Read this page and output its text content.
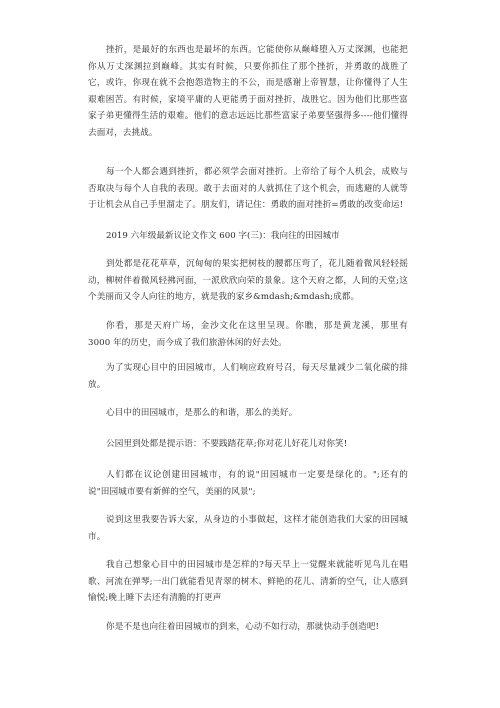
挫折，是最好的东西也是最坏的东西。它能使你从巅峰堕入万丈深渊，也能把你从万丈深渊拉到巅峰。其实有时候，只要你抓住了那个挫折，并勇敢的战胜了它，或许，你现在就不会抱怨造物主的不公，而是感谢上帝智慧，让你懂得了人生艰难困苦。有时候，家境平庸的人更能勇于面对挫折，战胜它。因为他们比那些富家子弟更懂得生活的艰难。他们的意志远远比那些富家子弟要坚强得多----他们懂得去面对，去挑战。

每一个人都会遇到挫折，都必须学会面对挫折。上帝给了每个人机会，成败与否取决与每个人自我的表现。敢于去面对的人就抓住了这个机会，而逃避的人就等于让机会从自己手里溜走了。朋友们，请记住：勇敢的面对挫折=勇敢的改变命运!

2019 六年级最新议论文作文 600 字(三)：我向往的田园城市

到处都是花花草草，沉甸甸的果实把树枝的腰都压弯了，花儿随着微风轻轻摇动，柳树伴着微风轻拂河面，一派欣欣向荣的景象。这个天府之都，人间的天堂;这个美丽而又令人向往的地方，就是我的家乡&mdash;&mdash;成都。

你看，那是天府广场，金沙文化在这里呈现。你瞧，那是黄龙溪，那里有 3000 年的历史，而今成了我们旅游休闲的好去处。

为了实现心目中的田园城市，人们响应政府号召，每天尽量减少二氧化碳的排放。

心目中的田园城市，是那么的和谐，那么的美好。

公园里到处都是提示语：不要践踏花草;你对花儿好花儿对你笑!

人们都在议论创建田园城市，有的说"田园城市一定要是绿化的。";还有的说"田园城市要有新鲜的空气，美丽的风景";

说到这里我要告诉大家，从身边的小事做起，这样才能创造我们大家的田园城市。

我自己想象心目中的田园城市是怎样的?每天早上一觉醒来就能听见鸟儿在唱歌、河流在弹琴;一出门就能看见青翠的树木、鲜艳的花儿、清新的空气，让人感到愉悦;晚上睡下去还有清脆的打更声

你是不是也向往着田园城市的到来，心动不如行动，那就快动手创造吧!
